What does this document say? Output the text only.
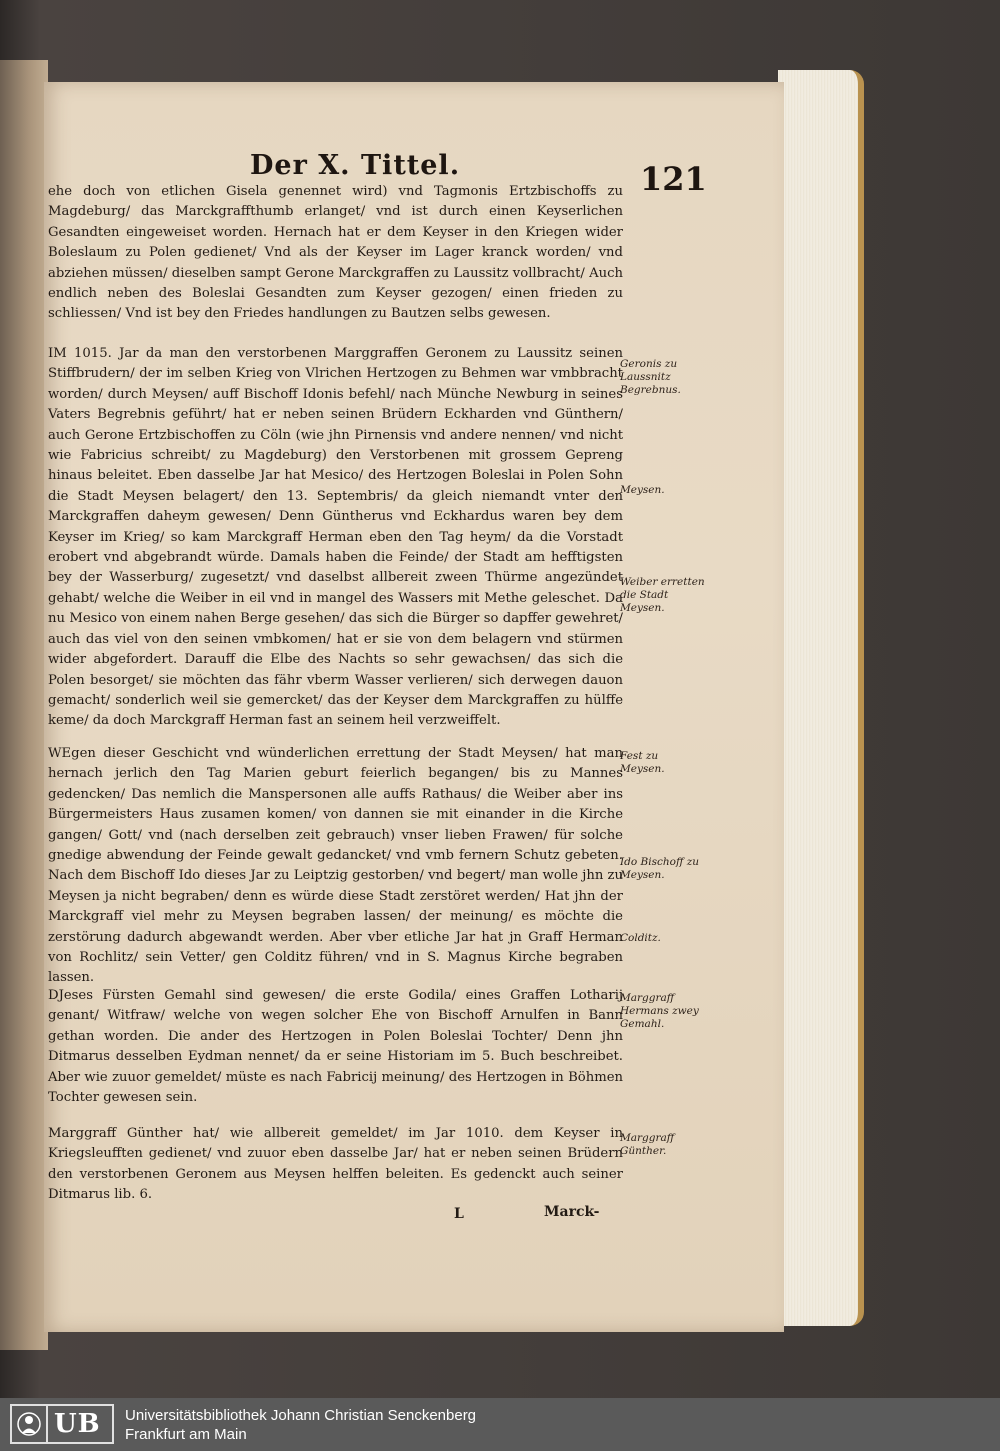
Der X. Tittel.	121

ehe doch von etlichen Gisela genennet wird) vnd Tagmonis Ertzbischoffs zu Magdeburg/ das Marckgraffthumb erlanget/ vnd ist durch einen Keyserlichen Gesandten eingeweiset worden. Hernach hat er dem Keyser in den Kriegen wider Boleslaum zu Polen gedienet/ Vnd als der Keyser im Lager kranck worden/ vnd abziehen müssen/ dieselben sampt Gerone Marckgraffen zu Laussitz vollbracht/ Auch endlich neben des Boleslai Gesandten zum Keyser gezogen/ einen frieden zu schliessen/ Vnd ist bey den Friedes handlungen zu Bautzen selbs gewesen.

IM 1015. Jar da man den verstorbenen Marggraffen Geronem zu Laussitz seinen Stiffbrudern/ der im selben Krieg von Vlrichen Hertzogen zu Behmen war vmbbracht worden/ durch Meysen/ auff Bischoff Idonis befehl/ nach Münche Newburg in seines Vaters Begrebnis geführt/ hat er neben seinen Brüdern Eckharden vnd Günthern/ auch Gerone Ertzbischoffen zu Cöln (wie jhn Pirnensis vnd andere nennen/ vnd nicht wie Fabricius schreibt/ zu Magdeburg) den Verstorbenen mit grossem Gepreng hinaus beleitet. Eben dasselbe Jar hat Mesico/ des Hertzogen Boleslai in Polen Sohn die Stadt Meysen belagert/ den 13. Septembris/ da gleich niemandt vnter den Marckgraffen daheym gewesen/ Denn Güntherus vnd Eckhardus waren bey dem Keyser im Krieg/ so kam Marckgraff Herman eben den Tag heym/ da die Vorstadt erobert vnd abgebrandt würde. Damals haben die Feinde/ der Stadt am hefftigsten bey der Wasserburg/ zugesetzt/ vnd daselbst allbereit zween Thürme angezündet gehabt/ welche die Weiber in eil vnd in mangel des Wassers mit Methe geleschet. Da nu Mesico von einem nahen Berge gesehen/ das sich die Bürger so dapffer gewehret/ auch das viel von den seinen vmbkomen/ hat er sie von dem belagern vnd stürmen wider abgefordert. Darauff die Elbe des Nachts so sehr gewachsen/ das sich die Polen besorget/ sie möchten das fähr vberm Wasser verlieren/ sich derwegen dauon gemacht/ sonderlich weil sie gemercket/ das der Keyser dem Marckgraffen zu hülffe keme/ da doch Marckgraff Herman fast an seinem heil verzweiffelt.

WEgen dieser Geschicht vnd wünderlichen errettung der Stadt Meysen/ hat man hernach jerlich den Tag Marien geburt feierlich begangen/ bis zu Mannes gedencken/ Das nemlich die Manspersonen alle auffs Rathaus/ die Weiber aber ins Bürgermeisters Haus zusamen komen/ von dannen sie mit einander in die Kirche gangen/ Gott/ vnd (nach derselben zeit gebrauch) vnser lieben Frawen/ für solche gnedige abwendung der Feinde gewalt gedancket/ vnd vmb fernern Schutz gebeten. Nach dem Bischoff Ido dieses Jar zu Leiptzig gestorben/ vnd begert/ man wolle jhn zu Meysen ja nicht begraben/ denn es würde diese Stadt zerstöret werden/ Hat jhn der Marckgraff viel mehr zu Meysen begraben lassen/ der meinung/ es möchte die zerstörung dadurch abgewandt werden. Aber vber etliche Jar hat jn Graff Herman von Rochlitz/ sein Vetter/ gen Colditz führen/ vnd in S. Magnus Kirche begraben lassen.

DJeses Fürsten Gemahl sind gewesen/ die erste Godila/ eines Graffen Lotharij genant/ Witfraw/ welche von wegen solcher Ehe von Bischoff Arnulfen in Bann gethan worden. Die ander des Hertzogen in Polen Boleslai Tochter/ Denn jhn Ditmarus desselben Eydman nennet/ da er seine Historiam im 5. Buch beschreibet. Aber wie zuuor gemeldet/ müste es nach Fabricij meinung/ des Hertzogen in Böhmen Tochter gewesen sein.

Marggraff Günther hat/ wie allbereit gemeldet/ im Jar 1010. dem Keyser in Kriegsleufften gedienet/ vnd zuuor eben dasselbe Jar/ hat er neben seinen Brüdern den verstorbenen Geronem aus Meysen helffen beleiten. Es gedenckt auch seiner Ditmarus lib. 6.

Geronis zu Laussnitz Begrebnus.
Meysen.
Weiber erretten die Stadt Meysen.
Fest zu Meysen.
Ido Bischoff zu Meysen.
Colditz.
Marggraff Hermans zwey Gemahl.
Marggraff Günther.
L	Marck-
UB Universitätsbibliothek Johann Christian Senckenberg
Frankfurt am Main
